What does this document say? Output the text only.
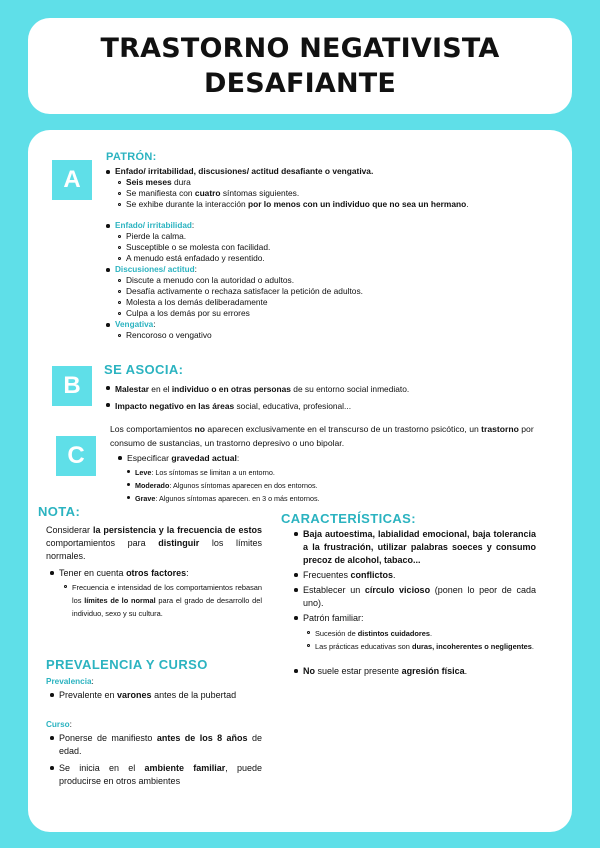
TRASTORNO NEGATIVISTA
DESAFIANTE
A
PATRÓN:
Enfado/ irritabilidad, discusiones/ actitud desafiante o vengativa.
Seis meses dura
Se manifiesta con cuatro síntomas siguientes.
Se exhibe durante la interacción por lo menos con un individuo que no sea un hermano.
Enfado/ irritabilidad:
Pierde la calma.
Susceptible o se molesta con facilidad.
A menudo está enfadado y resentido.
Discusiones/ actitud:
Discute a menudo con la autoridad o adultos.
Desafía activamente o rechaza satisfacer la petición de adultos.
Molesta a los demás deliberadamente
Culpa a los demás por su errores
Vengativa:
Rencoroso o vengativo
B
SE ASOCIA:
Malestar en el individuo o en otras personas de su entorno social inmediato.
Impacto negativo en las áreas social, educativa, profesional...
C
Los comportamientos no aparecen exclusivamente en el transcurso de un trastorno psicótico, un trastorno por consumo de sustancias, un trastorno depresivo o uno bipolar.
Especificar gravedad actual:
Leve: Los síntomas se limitan a un entorno.
Moderado: Algunos síntomas aparecen en dos entornos.
Grave: Algunos síntomas aparecen. en 3 o más entornos.
NOTA:
Considerar la persistencia y la frecuencia de estos comportamientos para distinguir los límites normales.
Tener en cuenta otros factores:
Frecuencia e intensidad de los comportamientos rebasan los límites de lo normal para el grado de desarrollo del individuo, sexo y su cultura.
PREVALENCIA Y CURSO
Prevalencia:
Prevalente en varones antes de la pubertad
Curso:
Ponerse de manifiesto antes de los 8 años de edad.
Se inicia en el ambiente familiar, puede producirse en otros ambientes
CARACTERÍSTICAS:
Baja autoestima, labialidad emocional, baja tolerancia a la frustración, utilizar palabras soeces y consumo precoz de alcohol, tabaco...
Frecuentes conflictos.
Establecer un círculo vicioso (ponen lo peor de cada uno).
Patrón familiar:
Sucesión de distintos cuidadores.
Las prácticas educativas son duras, incoherentes o negligentes.
No suele estar presente agresión física.
